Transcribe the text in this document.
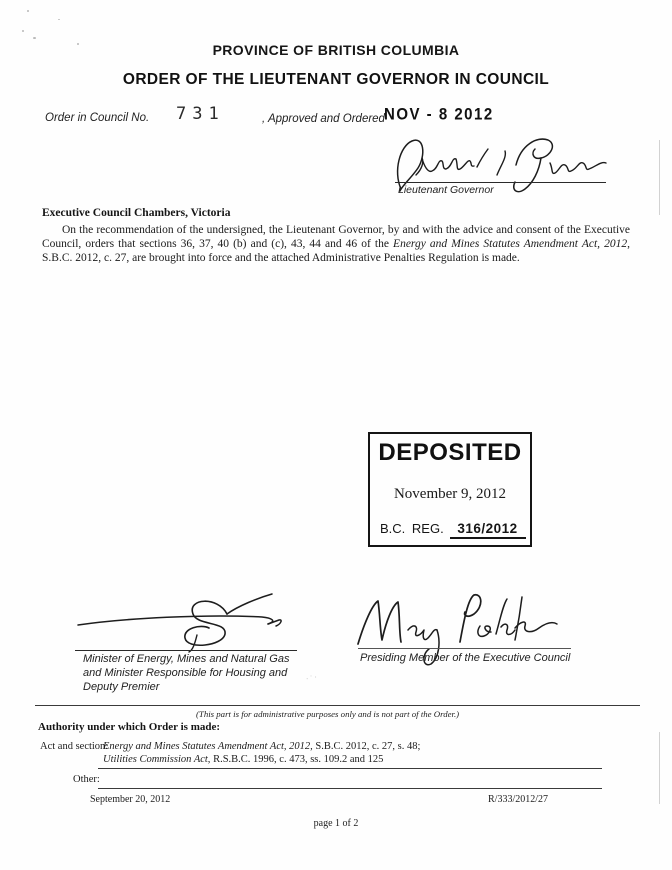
·˙·
PROVINCE OF BRITISH COLUMBIA
ORDER OF THE LIEUTENANT GOVERNOR IN COUNCIL
Order in Council No. 731	, Approved and Ordered NOV - 8 2012
Lieutenant Governor
Executive Council Chambers, Victoria

On the recommendation of the undersigned, the Lieutenant Governor, by and with the advice and consent of the Executive Council, orders that sections 36, 37, 40 (b) and (c), 43, 44 and 46 of the Energy and Mines Statutes Amendment Act, 2012, S.B.C. 2012, c. 27, are brought into force and the attached Administrative Penalties Regulation is made.

DEPOSITED
November 9, 2012
B.C. REG. 316/2012
Minister of Energy, Mines and Natural Gas
and Minister Responsible for Housing and
Deputy Premier
Presiding Member of the Executive Council
(This part is for administrative purposes only and is not part of the Order.)
Authority under which Order is made:
Act and section:
Energy and Mines Statutes Amendment Act, 2012, S.B.C. 2012, c. 27, s. 48;
Utilities Commission Act, R.S.B.C. 1996, c. 473, ss. 109.2 and 125
Other:
September 20, 2012	R/333/2012/27
page 1 of 2
